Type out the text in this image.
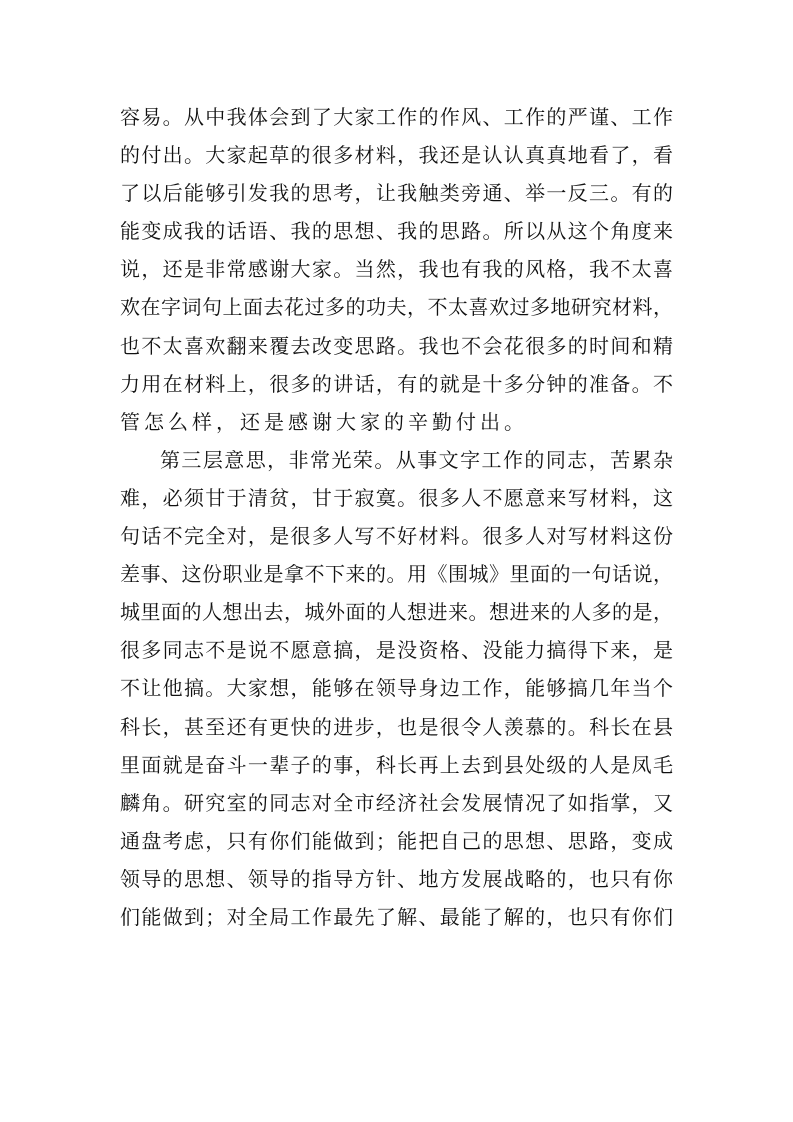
容易。从中我体会到了大家工作的作风、工作的严谨、工作
的付出。大家起草的很多材料，我还是认认真真地看了，看
了以后能够引发我的思考，让我触类旁通、举一反三。有的
能变成我的话语、我的思想、我的思路。所以从这个角度来
说，还是非常感谢大家。当然，我也有我的风格，我不太喜
欢在字词句上面去花过多的功夫，不太喜欢过多地研究材料，
也不太喜欢翻来覆去改变思路。我也不会花很多的时间和精
力用在材料上，很多的讲话，有的就是十多分钟的准备。不
管怎么样，还是感谢大家的辛勤付出。
第三层意思，非常光荣。从事文字工作的同志，苦累杂
难，必须甘于清贫，甘于寂寞。很多人不愿意来写材料，这
句话不完全对，是很多人写不好材料。很多人对写材料这份
差事、这份职业是拿不下来的。用《围城》里面的一句话说，
城里面的人想出去，城外面的人想进来。想进来的人多的是，
很多同志不是说不愿意搞，是没资格、没能力搞得下来，是
不让他搞。大家想，能够在领导身边工作，能够搞几年当个
科长，甚至还有更快的进步，也是很令人羡慕的。科长在县
里面就是奋斗一辈子的事，科长再上去到县处级的人是凤毛
麟角。研究室的同志对全市经济社会发展情况了如指掌，又
通盘考虑，只有你们能做到；能把自己的思想、思路，变成
领导的思想、领导的指导方针、地方发展战略的，也只有你
们能做到；对全局工作最先了解、最能了解的，也只有你们
